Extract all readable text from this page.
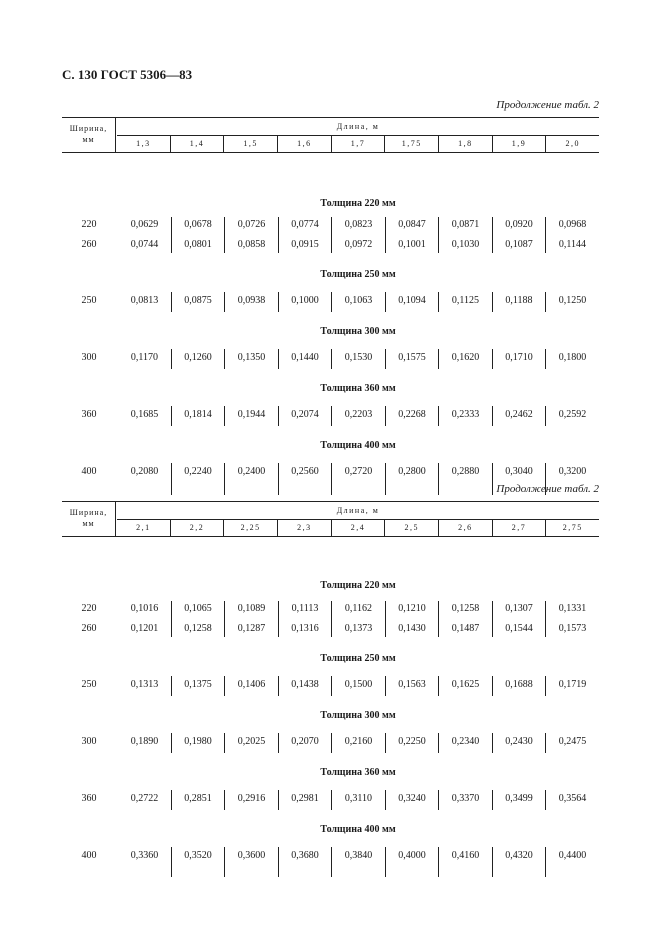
С. 130 ГОСТ 5306—83
Продолжение табл. 2
Ширина,
мм
Длина, м
1,3	1,4	1,5	1,6	1,7	1,75	1,8	1,9	2,0
Толщина 220 мм
220	0,0629	0,0678	0,0726	0,0774	0,0823	0,0847	0,0871	0,0920	0,0968
260	0,0744	0,0801	0,0858	0,0915	0,0972	0,1001	0,1030	0,1087	0,1144
Толщина 250 мм
250	0,0813	0,0875	0,0938	0,1000	0,1063	0,1094	0,1125	0,1188	0,1250
Толщина 300 мм
300	0,1170	0,1260	0,1350	0,1440	0,1530	0,1575	0,1620	0,1710	0,1800
Толщина 360 мм
360	0,1685	0,1814	0,1944	0,2074	0,2203	0,2268	0,2333	0,2462	0,2592
Толщина 400 мм
400	0,2080	0,2240	0,2400	0,2560	0,2720	0,2800	0,2880	0,3040	0,3200
Продолжение табл. 2
Ширина,
мм
Длина, м
2,1	2,2	2,25	2,3	2,4	2,5	2,6	2,7	2,75
Толщина 220 мм
220	0,1016	0,1065	0,1089	0,1113	0,1162	0,1210	0,1258	0,1307	0,1331
260	0,1201	0,1258	0,1287	0,1316	0,1373	0,1430	0,1487	0,1544	0,1573
Толщина 250 мм
250	0,1313	0,1375	0,1406	0,1438	0,1500	0,1563	0,1625	0,1688	0,1719
Толщина 300 мм
300	0,1890	0,1980	0,2025	0,2070	0,2160	0,2250	0,2340	0,2430	0,2475
Толщина 360 мм
360	0,2722	0,2851	0,2916	0,2981	0,3110	0,3240	0,3370	0,3499	0,3564
Толщина 400 мм
400	0,3360	0,3520	0,3600	0,3680	0,3840	0,4000	0,4160	0,4320	0,4400
